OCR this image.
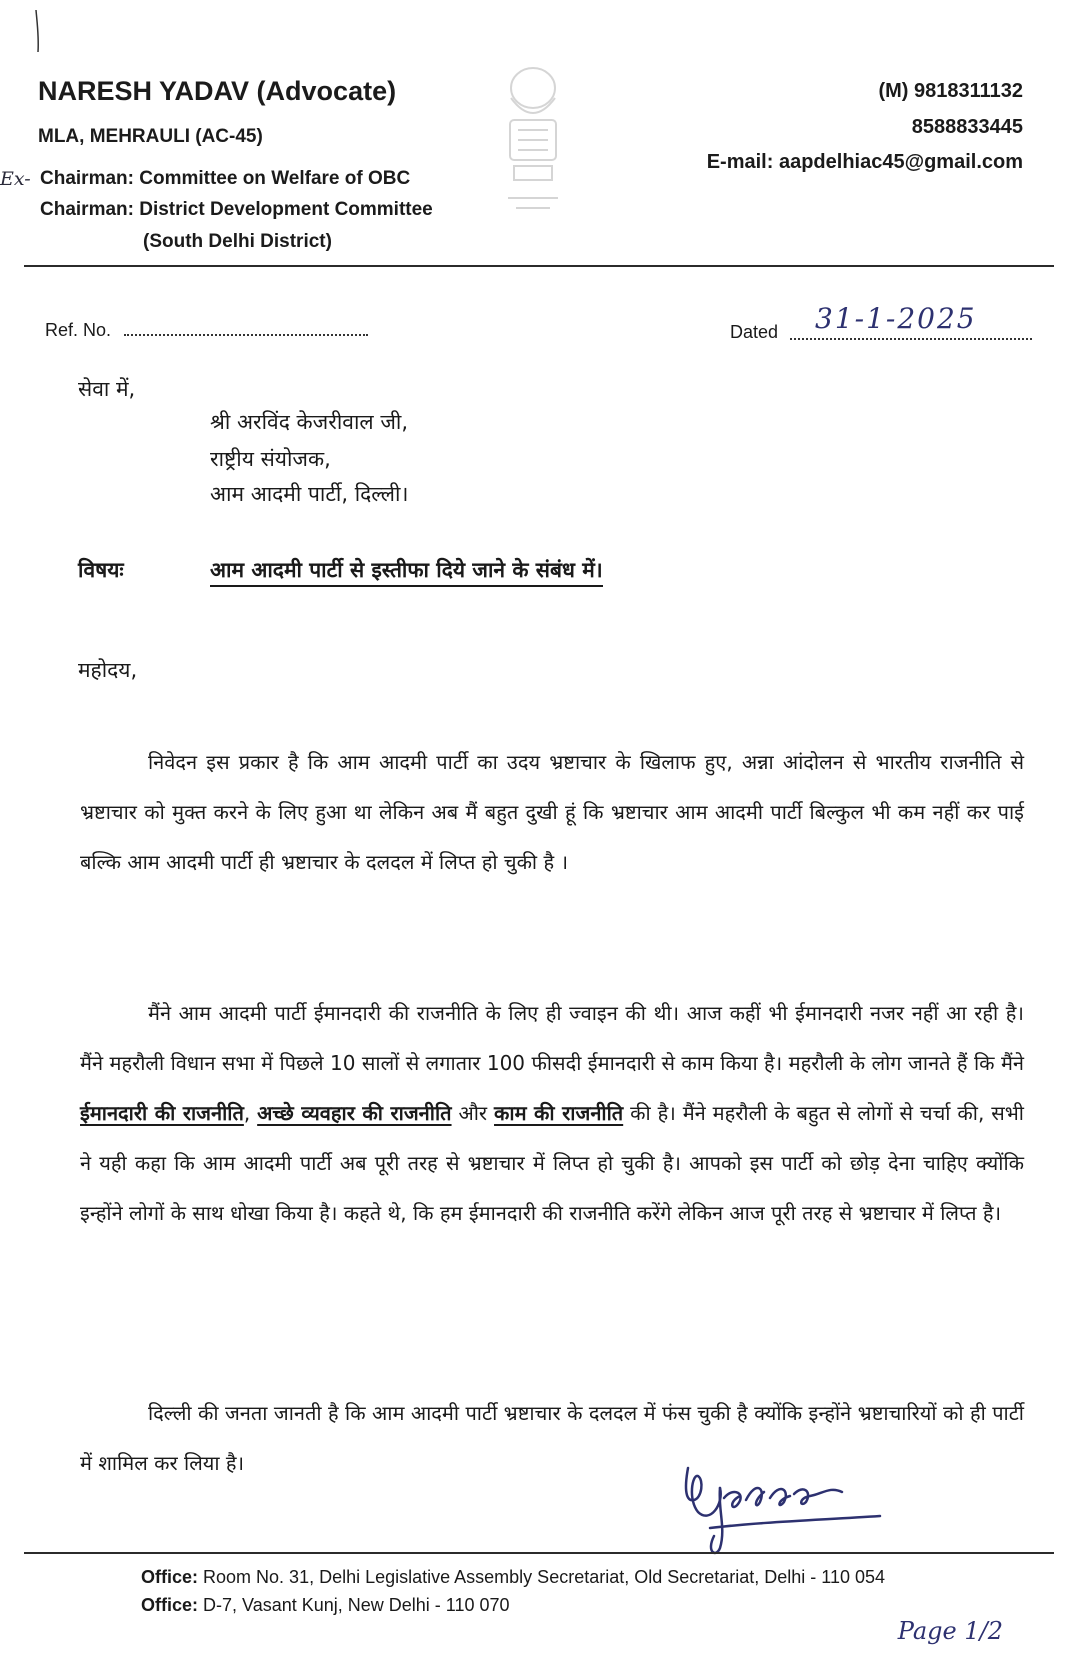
NARESH YADAV (Advocate)
MLA, MEHRAULI (AC-45)
Ex- Chairman: Committee on Welfare of OBC
Chairman: District Development Committee
(South Delhi District)
(M) 9818311132
8588833445
E-mail: aapdelhiac45@gmail.com
Ref. No.	Dated 31-1-2025
सेवा में,
श्री अरविंद केजरीवाल जी,
राष्ट्रीय संयोजक,
आम आदमी पार्टी, दिल्ली।
विषयः	आम आदमी पार्टी से इस्तीफा दिये जाने के संबंध में।
महोदय,

निवेदन इस प्रकार है कि आम आदमी पार्टी का उदय भ्रष्टाचार के खिलाफ हुए, अन्ना आंदोलन से भारतीय राजनीति से भ्रष्टाचार को मुक्त करने के लिए हुआ था लेकिन अब मैं बहुत दुखी हूं कि भ्रष्टाचार आम आदमी पार्टी बिल्कुल भी कम नहीं कर पाई बल्कि आम आदमी पार्टी ही भ्रष्टाचार के दलदल में लिप्त हो चुकी है ।

मैंने आम आदमी पार्टी ईमानदारी की राजनीति के लिए ही ज्वाइन की थी। आज कहीं भी ईमानदारी नजर नहीं आ रही है। मैंने महरौली विधान सभा में पिछले 10 सालों से लगातार 100 फीसदी ईमानदारी से काम किया है। महरौली के लोग जानते हैं कि मैंने ईमानदारी की राजनीति, अच्छे व्यवहार की राजनीति और काम की राजनीति की है। मैंने महरौली के बहुत से लोगों से चर्चा की, सभी ने यही कहा कि आम आदमी पार्टी अब पूरी तरह से भ्रष्टाचार में लिप्त हो चुकी है। आपको इस पार्टी को छोड़ देना चाहिए क्योंकि इन्होंने लोगों के साथ धोखा किया है। कहते थे, कि हम ईमानदारी की राजनीति करेंगे लेकिन आज पूरी तरह से भ्रष्टाचार में लिप्त है।

दिल्ली की जनता जानती है कि आम आदमी पार्टी भ्रष्टाचार के दलदल में फंस चुकी है क्योंकि इन्होंने भ्रष्टाचारियों को ही पार्टी में शामिल कर लिया है।

Office: Room No. 31, Delhi Legislative Assembly Secretariat, Old Secretariat, Delhi - 110 054
Office: D-7, Vasant Kunj, New Delhi - 110 070
Page 1/2
